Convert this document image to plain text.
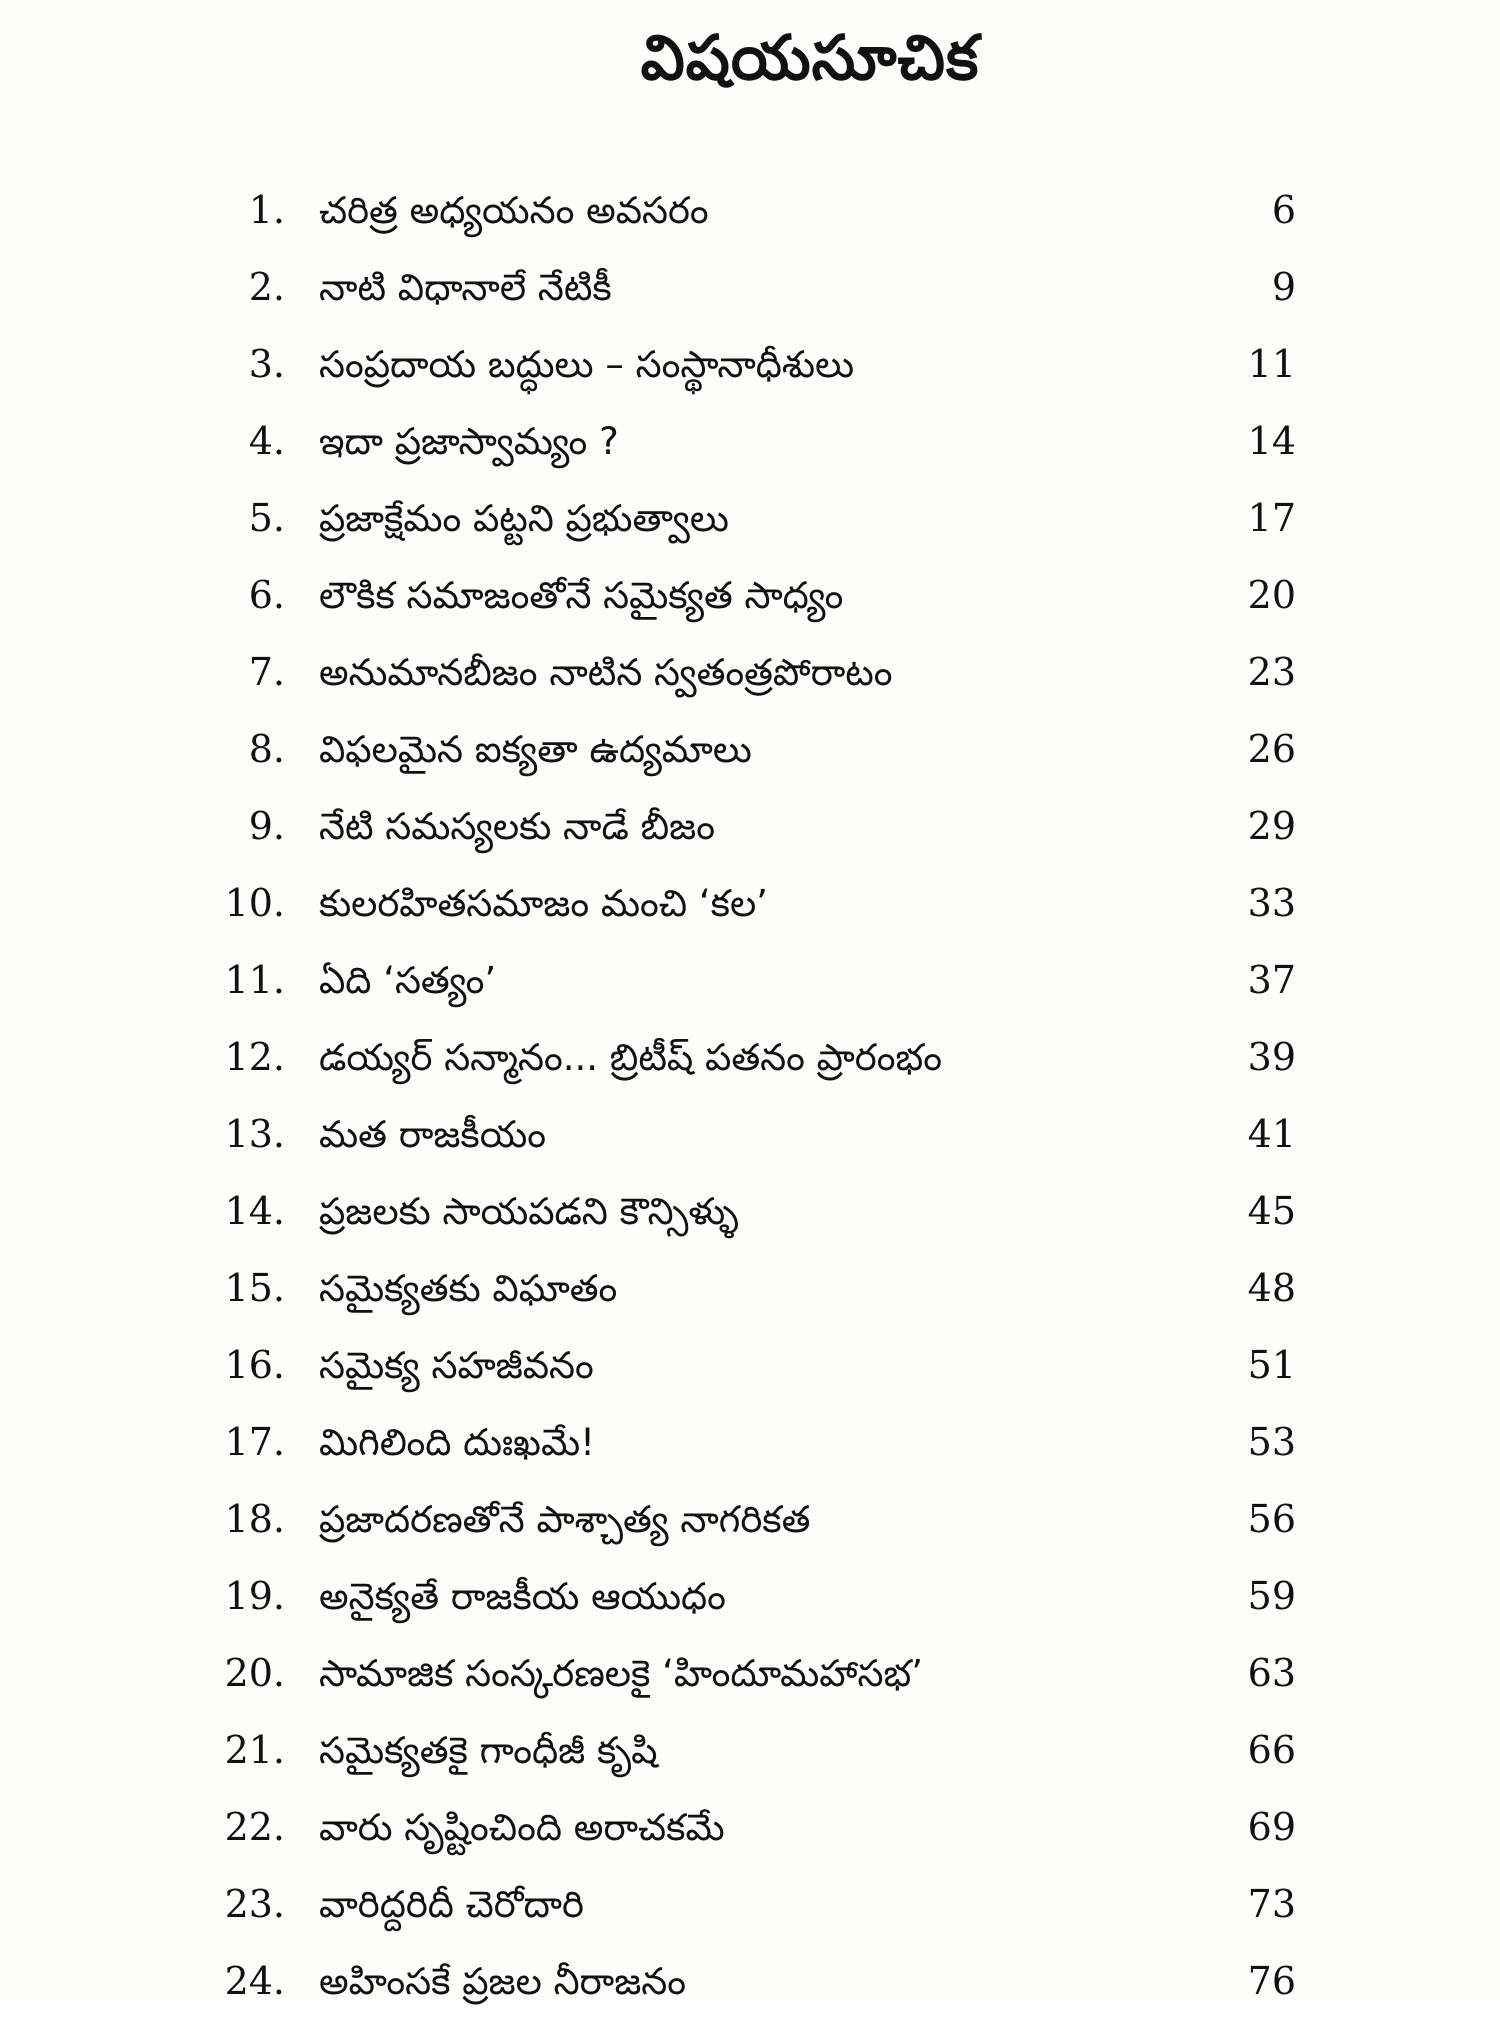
విషయసూచిక
1. చరిత్ర అధ్యయనం అవసరం	6
2. నాటి విధానాలే నేటికీ	9
3. సంప్రదాయ బద్ధులు – సంస్థానాధీశులు	11
4. ఇదా ప్రజాస్వామ్యం ?	14
5. ప్రజాక్షేమం పట్టని ప్రభుత్వాలు	17
6. లౌకిక సమాజంతోనే సమైక్యత సాధ్యం	20
7. అనుమానబీజం నాటిన స్వతంత్రపోరాటం	23
8. విఫలమైన ఐక్యతా ఉద్యమాలు	26
9. నేటి సమస్యలకు నాడే బీజం	29
10. కులరహితసమాజం మంచి ‘కల’	33
11. ఏది ‘సత్యం’	37
12. డయ్యర్ సన్మానం... బ్రిటీష్ పతనం ప్రారంభం	39
13. మత రాజకీయం	41
14. ప్రజలకు సాయపడని కౌన్సిళ్ళు	45
15. సమైక్యతకు విఘాతం	48
16. సమైక్య సహజీవనం	51
17. మిగిలింది దుఃఖమే!	53
18. ప్రజాదరణతోనే పాశ్చాత్య నాగరికత	56
19. అనైక్యతే రాజకీయ ఆయుధం	59
20. సామాజిక సంస్కరణలకై ‘హిందూమహాసభ’	63
21. సమైక్యతకై గాంధీజీ కృషి	66
22. వారు సృష్టించింది అరాచకమే	69
23. వారిద్దరిదీ చెరోదారి	73
24. అహింసకే ప్రజల నీరాజనం	76
